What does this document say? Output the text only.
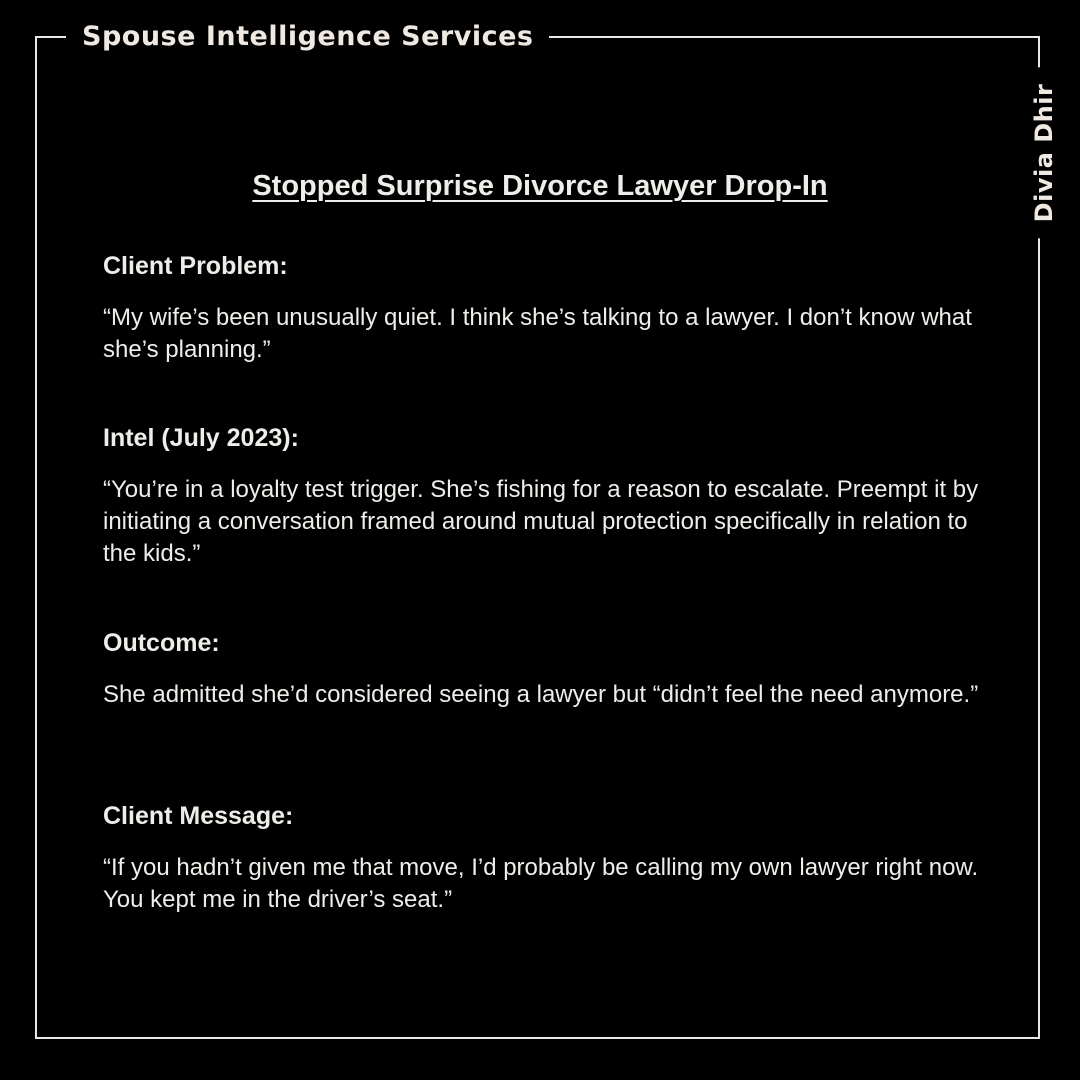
Spouse Intelligence Services
Divia Dhir
Stopped Surprise Divorce Lawyer Drop-In

Client Problem:

“My wife’s been unusually quiet. I think she’s talking to a lawyer. I don’t know what she’s planning.”

Intel (July 2023):

“You’re in a loyalty test trigger. She’s fishing for a reason to escalate. Preempt it by initiating a conversation framed around mutual protection specifically in relation to the kids.”

Outcome:

She admitted she’d considered seeing a lawyer but “didn’t feel the need anymore.”

Client Message:

“If you hadn’t given me that move, I’d probably be calling my own lawyer right now. You kept me in the driver’s seat.”
